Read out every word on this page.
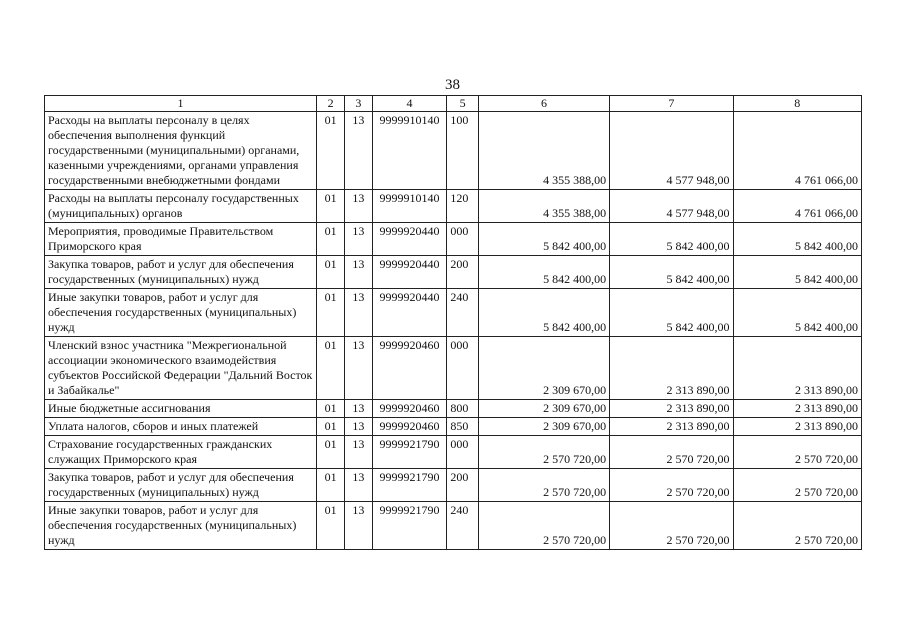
38
1	2	3	4	5	6	7	8
Расходы на выплаты персоналу в целях обеспечения выполнения функций государственными (муниципальными) органами, казенными учреждениями, органами управления государственными внебюджетными фондами	01	13	9999910140	100	4 355 388,00	4 577 948,00	4 761 066,00
Расходы на выплаты персоналу государственных (муниципальных) органов	01	13	9999910140	120	4 355 388,00	4 577 948,00	4 761 066,00
Мероприятия, проводимые Правительством Приморского края	01	13	9999920440	000	5 842 400,00	5 842 400,00	5 842 400,00
Закупка товаров, работ и услуг для обеспечения государственных (муниципальных) нужд	01	13	9999920440	200	5 842 400,00	5 842 400,00	5 842 400,00
Иные закупки товаров, работ и услуг для обеспечения государственных (муниципальных) нужд	01	13	9999920440	240	5 842 400,00	5 842 400,00	5 842 400,00
Членский взнос участника "Межрегиональной ассоциации экономического взаимодействия субъектов Российской Федерации "Дальний Восток и Забайкалье"	01	13	9999920460	000	2 309 670,00	2 313 890,00	2 313 890,00
Иные бюджетные ассигнования	01	13	9999920460	800	2 309 670,00	2 313 890,00	2 313 890,00
Уплата налогов, сборов и иных платежей	01	13	9999920460	850	2 309 670,00	2 313 890,00	2 313 890,00
Страхование государственных гражданских служащих Приморского края	01	13	9999921790	000	2 570 720,00	2 570 720,00	2 570 720,00
Закупка товаров, работ и услуг для обеспечения государственных (муниципальных) нужд	01	13	9999921790	200	2 570 720,00	2 570 720,00	2 570 720,00
Иные закупки товаров, работ и услуг для обеспечения государственных (муниципальных) нужд	01	13	9999921790	240	2 570 720,00	2 570 720,00	2 570 720,00
